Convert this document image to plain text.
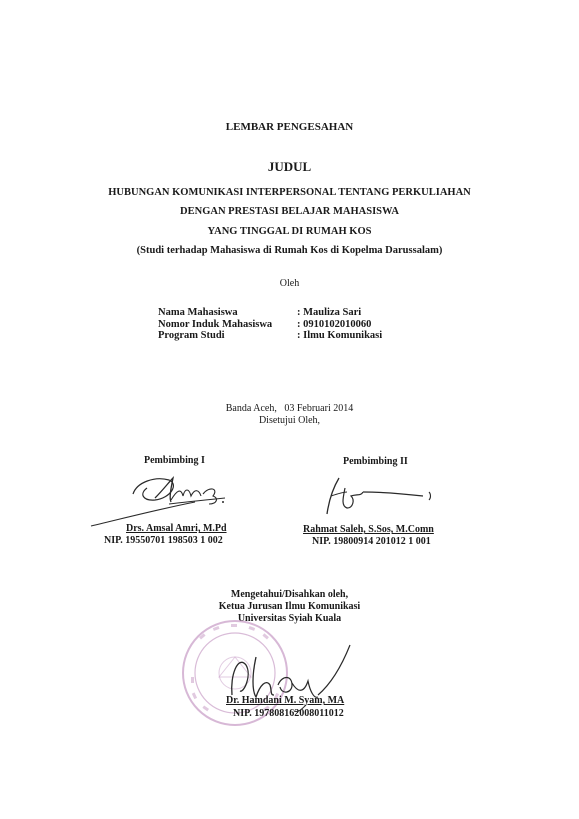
LEMBAR PENGESAHAN
JUDUL
HUBUNGAN KOMUNIKASI INTERPERSONAL TENTANG PERKULIAHAN
DENGAN PRESTASI BELAJAR MAHASISWA
YANG TINGGAL DI RUMAH KOS
(Studi terhadap Mahasiswa di Rumah Kos di Kopelma Darussalam)
Oleh
Nama Mahasiswa	: Mauliza Sari
Nomor Induk Mahasiswa	: 0910102010060
Program Studi	: Ilmu Komunikasi
Banda Aceh,   03 Februari 2014
Disetujui Oleh,
Pembimbing I	Pembimbing II
Drs. Amsal Amri, M.Pd	Rahmat Saleh, S.Sos, M.Comn
NIP. 19550701 198503 1 002	NIP. 19800914 201012 1 001
Mengetahui/Disahkan oleh,
Ketua Jurusan Ilmu Komunikasi
Universitas Syiah Kuala
Dr. Hamdani M. Syam, MA
NIP. 197808162008011012
